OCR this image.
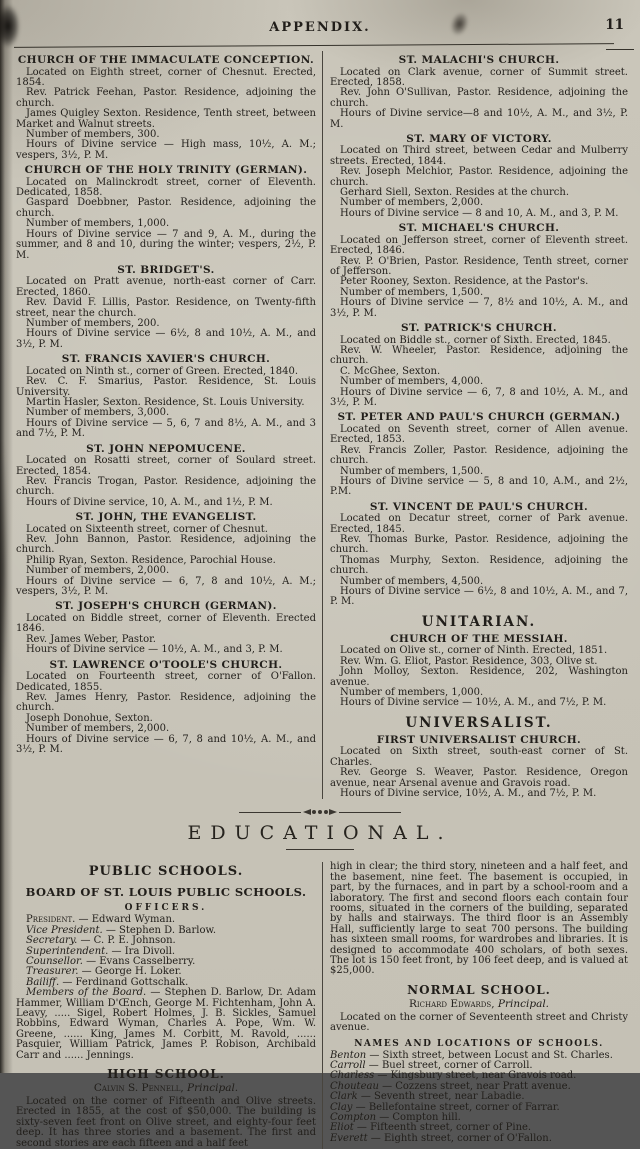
APPENDIX.	11
CHURCH OF THE IMMACULATE CONCEPTION.

Located on Eighth street, corner of Chesnut. Erected, 1854.

Rev. Patrick Feehan, Pastor. Residence, adjoining the church.

James Quigley Sexton. Residence, Tenth street, between Market and Walnut streets.

Number of members, 300.

Hours of Divine service — High mass, 10½, A. M.; vespers, 3½, P. M.

CHURCH OF THE HOLY TRINITY (GERMAN).

Located on Malinckrodt street, corner of Eleventh. Dedicated, 1858.

Gaspard Doebbner, Pastor. Residence, adjoining the church.

Number of members, 1,000.

Hours of Divine service — 7 and 9, A. M., during the summer, and 8 and 10, during the winter; vespers, 2½, P. M.

ST. BRIDGET'S.

Located on Pratt avenue, north-east corner of Carr. Erected, 1860.

Rev. David F. Lillis, Pastor. Residence, on Twenty-fifth street, near the church.

Number of members, 200.

Hours of Divine service — 6½, 8 and 10½, A. M., and 3½, P. M.

ST. FRANCIS XAVIER'S CHURCH.

Located on Ninth st., corner of Green. Erected, 1840.

Rev. C. F. Smarius, Pastor. Residence, St. Louis University.

Martin Hasler, Sexton. Residence, St. Louis University.

Number of members, 3,000.

Hours of Divine service — 5, 6, 7 and 8½, A. M., and 3 and 7½, P. M.

ST. JOHN NEPOMUCENE.

Located on Rosatti street, corner of Soulard street. Erected, 1854.

Rev. Francis Trogan, Pastor. Residence, adjoining the church.

Hours of Divine service, 10, A. M., and 1½, P. M.

ST. JOHN, THE EVANGELIST.

Located on Sixteenth street, corner of Chesnut.

Rev. John Bannon, Pastor. Residence, adjoining the church.

Philip Ryan, Sexton. Residence, Parochial House.

Number of members, 2,000.

Hours of Divine service — 6, 7, 8 and 10½, A. M.; vespers, 3½, P. M.

ST. JOSEPH'S CHURCH (GERMAN).

Located on Biddle street, corner of Eleventh. Erected 1846.

Rev. James Weber, Pastor.

Hours of Divine service — 10½, A. M., and 3, P. M.

ST. LAWRENCE O'TOOLE'S CHURCH.

Located on Fourteenth street, corner of O'Fallon. Dedicated, 1855.

Rev. James Henry, Pastor. Residence, adjoining the church.

Joseph Donohue, Sexton.

Number of members, 2,000.

Hours of Divine service — 6, 7, 8 and 10½, A. M., and 3½, P. M.

ST. MALACHI'S CHURCH.

Located on Clark avenue, corner of Summit street. Erected, 1858.

Rev. John O'Sullivan, Pastor. Residence, adjoining the church.

Hours of Divine service—8 and 10½, A. M., and 3½, P. M.

ST. MARY OF VICTORY.

Located on Third street, between Cedar and Mulberry streets. Erected, 1844.

Rev. Joseph Melchior, Pastor. Residence, adjoining the church.

Gerhard Siell, Sexton. Resides at the church.

Number of members, 2,000.

Hours of Divine service — 8 and 10, A. M., and 3, P. M.

ST. MICHAEL'S CHURCH.

Located on Jefferson street, corner of Eleventh street. Erected, 1846.

Rev. P. O'Brien, Pastor. Residence, Tenth street, corner of Jefferson.

Peter Rooney, Sexton. Residence, at the Pastor's.

Number of members, 1,500.

Hours of Divine service — 7, 8½ and 10½, A. M., and 3½, P. M.

ST. PATRICK'S CHURCH.

Located on Biddle st., corner of Sixth. Erected, 1845.

Rev. W. Wheeler, Pastor. Residence, adjoining the church.

C. McGhee, Sexton.

Number of members, 4,000.

Hours of Divine service — 6, 7, 8 and 10½, A. M., and 3½, P. M.

ST. PETER AND PAUL'S CHURCH (GERMAN.)

Located on Seventh street, corner of Allen avenue. Erected, 1853.

Rev. Francis Zoller, Pastor. Residence, adjoining the church.

Number of members, 1,500.

Hours of Divine service — 5, 8 and 10, A.M., and 2½, P.M.

ST. VINCENT DE PAUL'S CHURCH.

Located on Decatur street, corner of Park avenue. Erected, 1845.

Rev. Thomas Burke, Pastor. Residence, adjoining the church.

Thomas Murphy, Sexton. Residence, adjoining the church.

Number of members, 4,500.

Hours of Divine service — 6½, 8 and 10½, A. M., and 7, P. M.

UNITARIAN.
CHURCH OF THE MESSIAH.

Located on Olive st., corner of Ninth. Erected, 1851.

Rev. Wm. G. Eliot, Pastor. Residence, 303, Olive st.

John Molloy, Sexton. Residence, 202, Washington avenue.

Number of members, 1,000.

Hours of Divine service — 10½, A. M., and 7½, P. M.

UNIVERSALIST.
FIRST UNIVERSALIST CHURCH.

Located on Sixth street, south-east corner of St. Charles.

Rev. George S. Weaver, Pastor. Residence, Oregon avenue, near Arsenal avenue and Gravois road.

Hours of Divine service, 10½, A. M., and 7½, P. M.

EDUCATIONAL.
PUBLIC SCHOOLS.
BOARD OF ST. LOUIS PUBLIC SCHOOLS.
OFFICERS.

President. — Edward Wyman.

Vice President. — Stephen D. Barlow.

Secretary. — C. P. E. Johnson.

Superintendent. — Ira Divoll.

Counsellor. — Evans Casselberry.

Treasurer. — George H. Loker.

Bailiff. — Ferdinand Gottschalk.

Members of the Board. — Stephen D. Barlow, Dr. Adam Hammer, William D'Œnch, George M. Fichtenham, John A. Leavy, ..... Sigel, Robert Holmes, J. B. Sickles, Samuel Robbins, Edward Wyman, Charles A. Pope, Wm. W. Greene, ...... King, James M. Corbitt, M. Ravold, ...... Pasquier, William Patrick, James P. Robison, Archibald Carr and ...... Jennings.

HIGH SCHOOL.

Calvin S. Pennell, Principal.

Located on the corner of Fifteenth and Olive streets. Erected in 1855, at the cost of $50,000. The building is sixty-seven feet front on Olive street, and eighty-four feet deep. It has three stories and a basement. The first and second stories are each fifteen and a half feet

high in clear; the third story, nineteen and a half feet, and the basement, nine feet. The basement is occupied, in part, by the furnaces, and in part by a school-room and a laboratory. The first and second floors each contain four rooms, situated in the corners of the building, separated by halls and stairways. The third floor is an Assembly Hall, sufficiently large to seat 700 persons. The building has sixteen small rooms, for wardrobes and libraries. It is designed to accommodate 400 scholars, of both sexes. The lot is 150 feet front, by 106 feet deep, and is valued at $25,000.

NORMAL SCHOOL.

Richard Edwards, Principal.

Located on the corner of Seventeenth street and Christy avenue.

NAMES AND LOCATIONS OF SCHOOLS.

Benton — Sixth street, between Locust and St. Charles.

Carroll — Buel street, corner of Carroll.

Charless — Kingsbury street, near Gravois road.

Chouteau — Cozzens street, near Pratt avenue.

Clark — Seventh street, near Labadie.

Clay — Bellefontaine street, corner of Farrar.

Compton — Compton hill.

Eliot — Fifteenth street, corner of Pine.

Everett — Eighth street, corner of O'Fallon.
